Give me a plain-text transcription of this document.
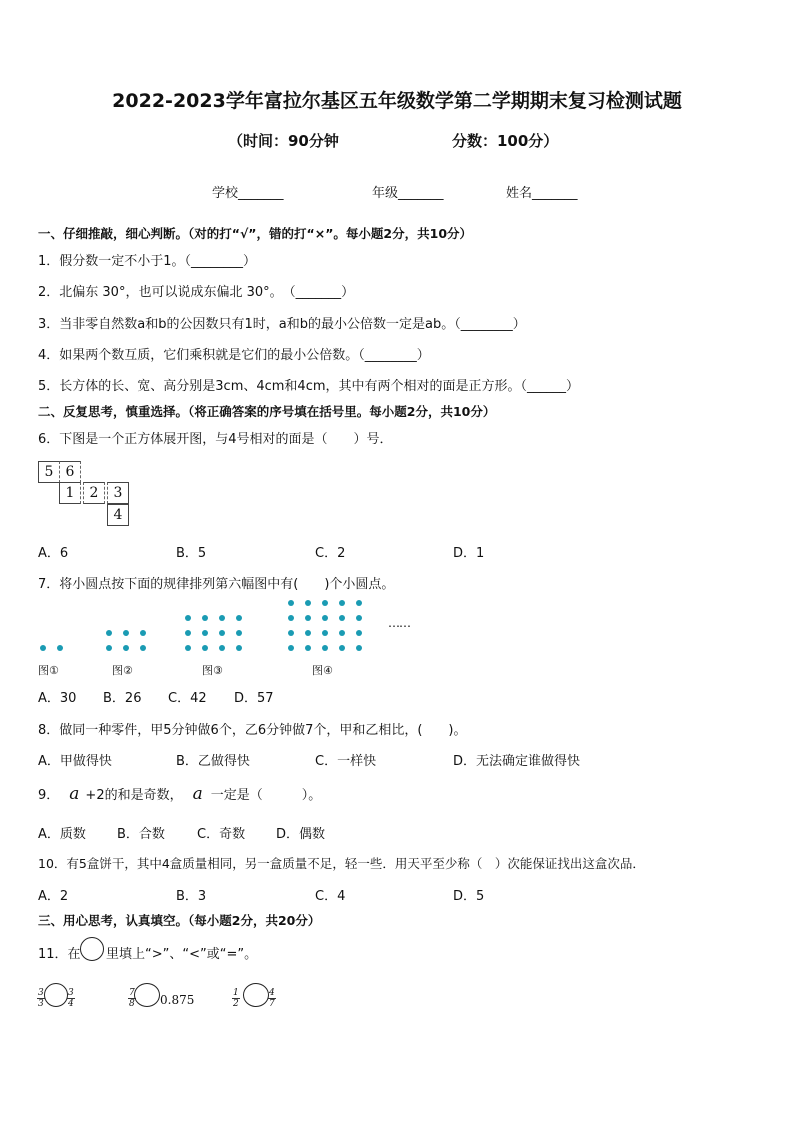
2022-2023学年富拉尔基区五年级数学第二学期期末复习检测试题
（时间：90分钟	分数：100分）
学校_______	年级_______	姓名_______
一、仔细推敲，细心判断。（对的打“√”，错的打“×”。每小题2分，共10分）
1．假分数一定不小于1。（________）
2．北偏东 30°，也可以说成东偏北 30°。　（_______）
3．当非零自然数a和b的公因数只有1时，a和b的最小公倍数一定是ab。（________）
4．如果两个数互质，它们乘积就是它们的最小公倍数。（________）
5．长方体的长、宽、高分别是3cm、4cm和4cm，其中有两个相对的面是正方形。（______）
二、反复思考，慎重选择。（将正确答案的序号填在括号里。每小题2分，共10分）
6．下图是一个正方体展开图，与4号相对的面是（　　）号．
5 6
1	2	3
4
A．6	B．5	C．2	D．1
7．将小圆点按下面的规律排列第六幅图中有(　　)个小圆点。
……
图①	图②	图③	图④
A．30 B．26 C．42 D．57
8．做同一种零件，甲5分钟做6个，乙6分钟做7个，甲和乙相比，(　　)。
A．甲做得快	B．乙做得快	C．一样快	D．无法确定谁做得快
9． a +2的和是奇数， a 一定是（　　　）。
A．质数 B．合数 C．奇数 D．偶数
10．有5盒饼干，其中4盒质量相同，另一盒质量不足，轻一些．用天平至少称（　）次能保证找出这盒次品．
A．2	B．3	C．4	D．5
三、用心思考，认真填空。（每小题2分，共20分）
11．在 里填上“>”、“<”或“=”。
$\frac{3}{3} \frac{3}{4}$	$\frac{7}{8} 0.875$	$\frac{1}{2}$	$\frac{4}{7}$
